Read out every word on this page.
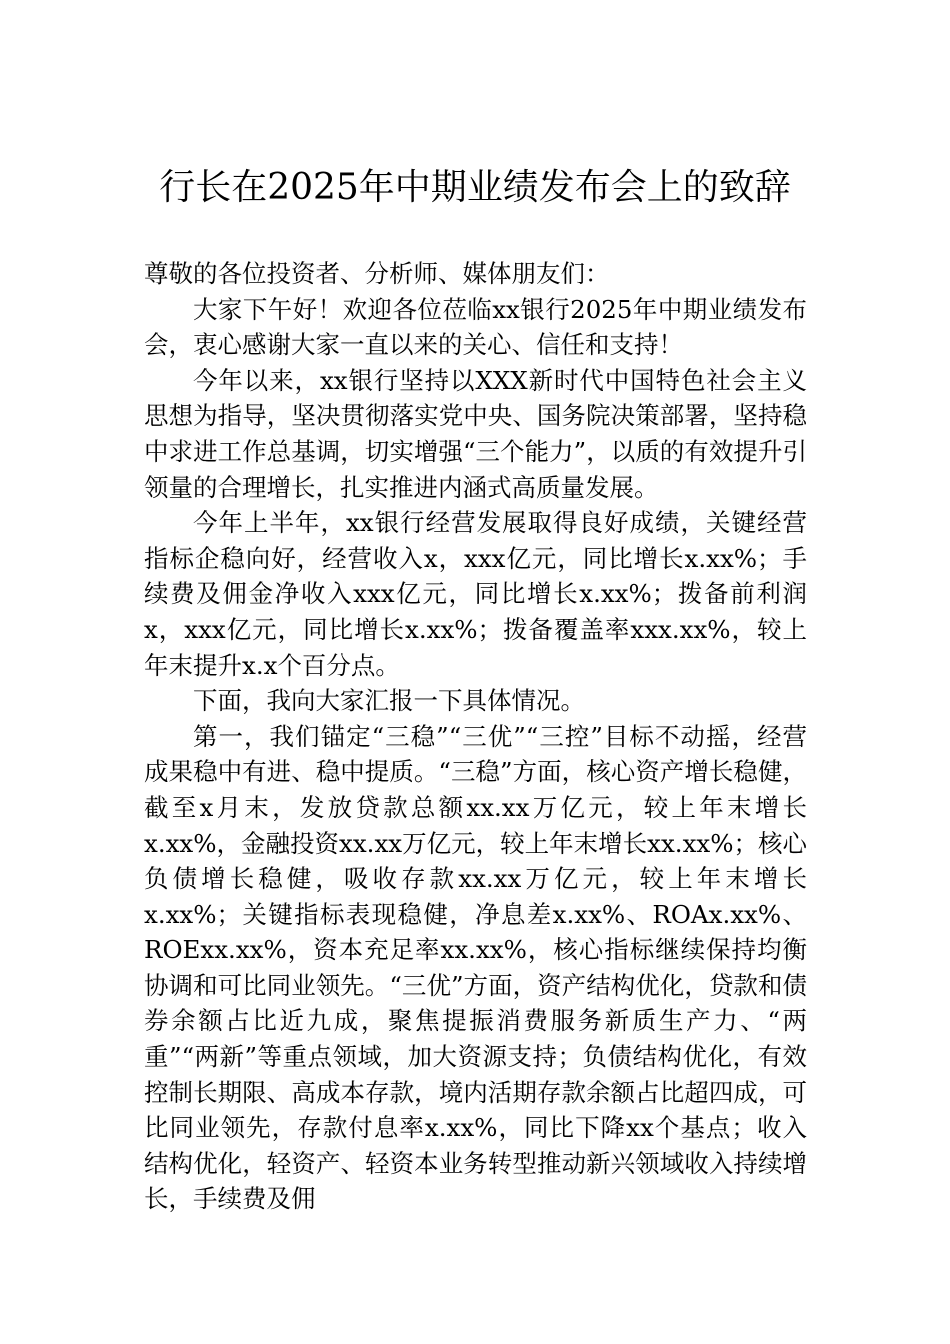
行长在2025年中期业绩发布会上的致辞

尊敬的各位投资者、分析师、媒体朋友们：

大家下午好！欢迎各位莅临xx银行2025年中期业绩发布会，衷心感谢大家一直以来的关心、信任和支持！

今年以来，xx银行坚持以XXX新时代中国特色社会主义思想为指导，坚决贯彻落实党中央、国务院决策部署，坚持稳中求进工作总基调，切实增强“三个能力”，以质的有效提升引领量的合理增长，扎实推进内涵式高质量发展。

今年上半年，xx银行经营发展取得良好成绩，关键经营指标企稳向好，经营收入x，xxx亿元，同比增长x.xx%；手续费及佣金净收入xxx亿元，同比增长x.xx%；拨备前利润x，xxx亿元，同比增长x.xx%；拨备覆盖率xxx.xx%，较上年末提升x.x个百分点。

下面，我向大家汇报一下具体情况。

第一，我们锚定“三稳”“三优”“三控”目标不动摇，经营成果稳中有进、稳中提质。“三稳”方面，核心资产增长稳健，截至x月末，发放贷款总额xx.xx万亿元，较上年末增长x.xx%，金融投资xx.xx万亿元，较上年末增长xx.xx%；核心负债增长稳健，吸收存款xx.xx万亿元，较上年末增长x.xx%；关键指标表现稳健，净息差x.xx%、ROAx.xx%、ROExx.xx%，资本充足率xx.xx%，核心指标继续保持均衡协调和可比同业领先。“三优”方面，资产结构优化，贷款和债券余额占比近九成，聚焦提振消费服务新质生产力、“两重”“两新”等重点领域，加大资源支持；负债结构优化，有效控制长期限、高成本存款，境内活期存款余额占比超四成，可比同业领先，存款付息率x.xx%，同比下降xx个基点；收入结构优化，轻资产、轻资本业务转型推动新兴领域收入持续增长，手续费及佣
